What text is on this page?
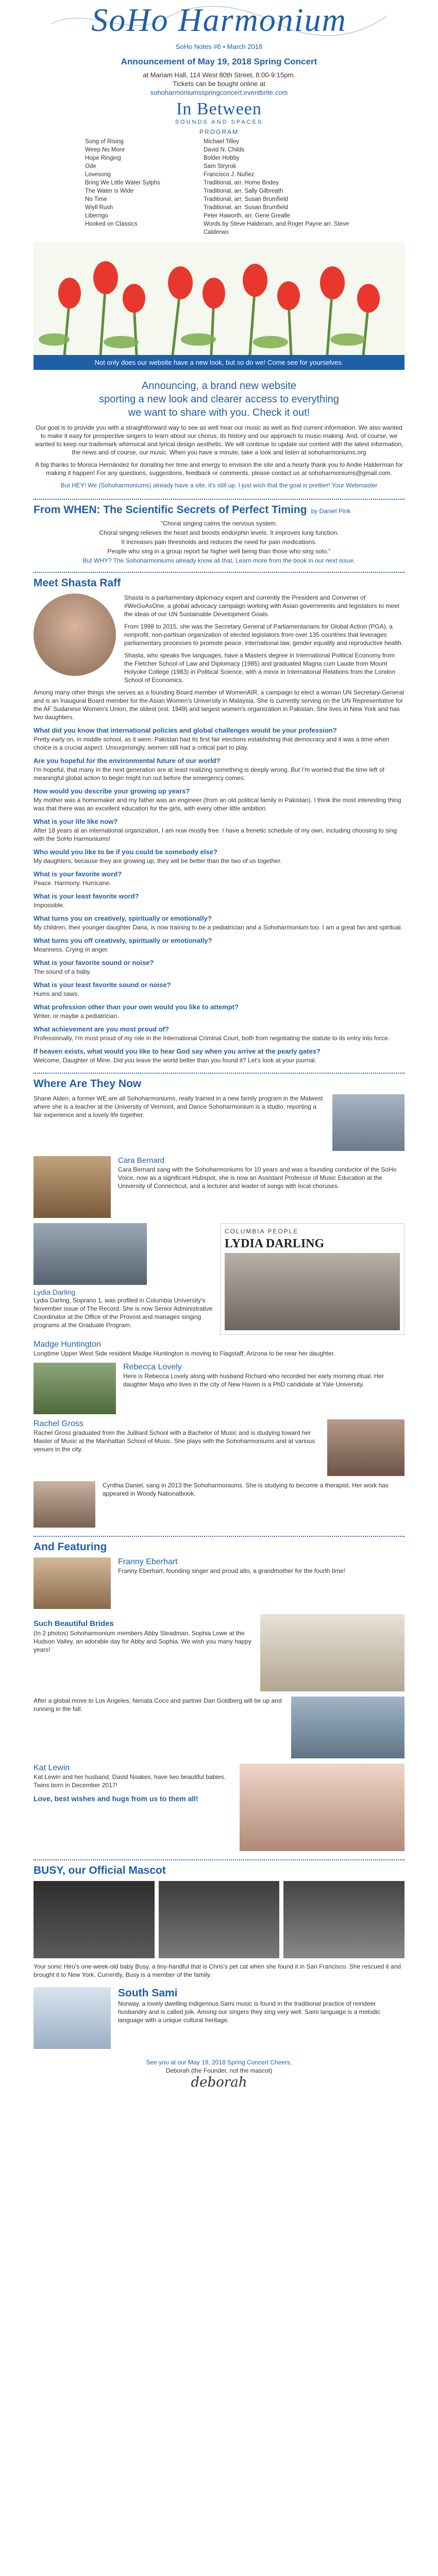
SoHo Harmonium

SoHo Notes #6 • March 2018

Announcement of May 19, 2018 Spring Concert

at Mariam Hall, 114 West 80th Street, 8:00-9:15pm.

Tickets can be bought online at

sohoharmoniumsspringconcert.eventbrite.com

In Between
SOUNDS AND SPACES
PROGRAM
Song of Rising
Weep No More
Hope Ringing
Ode
Lovesong
Bring We Little Water Sylphs
The Water is Wide
No Time
Wiyll Rush
Liberrigo
Hooked on Classics
Michael Tilley
David N. Childs
Bolder Hobby
Sam Stryrok
Francisco J. Nuñez
Traditional, arr. Home Bodey
Traditional, arr. Sally Gilbreath
Traditional, arr. Susan Brumfield
Traditional, arr. Susan Brumfield
Peter Haworth, arr. Gene Grealle
Words by Steve Halderam, and Roger Payne arr. Steve Calderwo
Not only does our website have a new look, but so do we! Come see for yourselves.
Announcing, a brand new website
sporting a new look and clearer access to everything
we want to share with you. Check it out!

Our goal is to provide you with a straightforward way to see as well hear our music as well as find current information. We also wanted to make it easy for prospective singers to learn about our chorus, its history and our approach to music-making. And, of course, we wanted to keep our trademark whimsical and lyrical design aesthetic. We will continue to update our content with the latest information, the news and of course, our music. When you have a minute, take a look and listen at sohoharmoniums.org

A big thanks to Monica Hernández for donating her time and energy to envision the site and a hearty thank you to Andie Halderman for making it happen! For any questions, suggestions, feedback or comments, please contact us at sohoharmoniums@gmail.com.

But HEY! We (Sohoharmoniums) already have a site, it's still up. I just wish that the goal is prettier! Your Webmaster

From WHEN: The Scientific Secrets of Perfect Timing by Daniel Pink

"Choral singing calms the nervous system.

Choral singing relieves the heart and boosts endorphin levels. It improves lung function.

It increases pain thresholds and reduces the need for pain medications.

People who sing in a group report far higher well being than those who sing solo."

But WHY? The Sohoharmoniums already know all that. Learn more from the book in our next issue.

Meet Shasta Raff

Shasta is a parliamentary diplomacy expert and currently the President and Convener of #WeGoAsOne, a global advocacy campaign working with Asian governments and legislators to meet the ideas of our UN Sustainable Development Goals.

From 1998 to 2015, she was the Secretary General of Parliamentarians for Global Action (PGA), a nonprofit, non-partisan organization of elected legislators from over 135 countries that leverages parliamentary processes to promote peace, international law, gender equality and reproductive health.

Shasta, who speaks five languages, have a Masters degree in International Political Economy from the Fletcher School of Law and Diplomacy (1985) and graduated Magna cum Laude from Mount Holyoke College (1983) in Political Science, with a minor in International Relations from the London School of Economics.

Among many other things she serves as a founding Board member of WomenAIR, a campaign to elect a woman UN Secretary-General and is an Inaugural Board member for the Asian Women's University in Malaysia. She is currently serving on the UN Representative for the AF Sudanese Women's Union, the oldest (est. 1949) and largest women's organization in Pakistan. She lives in New York and has two daughters.

What did you know that international policies and global challenges would be your profession?

Pretty early on, in middle school, as it were. Pakistan had its first fair elections establishing that democracy and it was a time when choice is a crucial aspect. Unsurprisingly, women still had a critical part to play.

Are you hopeful for the environmental future of our world?

I'm hopeful, that many in the next generation are at least realizing something is deeply wrong. But I'm worried that the time left of meaningful global action to begin might run out before the emergency comes.

How would you describe your growing up years?

My mother was a homemaker and my father was an engineer (from an old political family in Pakistan). I think the most interesting thing was that there was an excellent education for the girls, with every other little ambition.

What is your life like now?

After 18 years at an international organization, I am now mostly free. I have a frenetic schedule of my own, including choosing to sing with the SoHo Harmoniums!

Who would you like to be if you could be somebody else?

My daughters, because they are growing up, they will be better than the two of us together.

What is your favorite word?

Peace. Harmony. Hurricane.

What is your least favorite word?

Impossible.

What turns you on creatively, spiritually or emotionally?

My children, their younger daughter Dana, is now training to be a pediatrician and a Sohoharmonium too. I am a great fan and spiritual.

What turns you off creatively, spiritually or emotionally?

Meanness. Crying in anger.

What is your favorite sound or noise?

The sound of a baby.

What is your least favorite sound or noise?

Hums and saws.

What profession other than your own would you like to attempt?

Writer, or maybe a pediatrician.

What achievement are you most proud of?

Professionally, I'm most proud of my role in the International Criminal Court, both from negotiating the statute to its entry into force.

If heaven exists, what would you like to hear God say when you arrive at the pearly gates?

Welcome, Daughter of Mine. Did you leave the world better than you found it? Let's look at your journal.

Where Are They Now

Shane Alden, a former WE are all Sohoharmoniums, really trained in a new family program in the Midwest where she is a teacher at the University of Vermont, and Dance Sohoharmonium is a studio, reporting a fair experience and a lovely life together.

Cara Bernard

Cara Bernard sang with the Sohoharmoniums for 10 years and was a founding conductor of the SoHo Voice, now as a significant Hubspot, she is now an Assistant Professor of Music Education at the University of Connecticut, and a lecturer and leader of songs with local choruses.

Lydia Darling

Lydia Darling, Soprano 1, was profiled in Columbia University's November issue of The Record. She is now Senior Administrative Coordinator at the Office of the Provost and manages singing programs at the Graduate Program.

COLUMBIA PEOPLE
LYDIA DARLING
Madge Huntington

Longtime Upper West Side resident Madge Huntington is moving to Flagstaff, Arizona to be near her daughter.

Rebecca Lovely

Here is Rebecca Lovely along with husband Richard who recorded her early morning ritual. Her daughter Maya who lives in the city of New Haven is a PhD candidate at Yale University.

Rachel Gross

Rachel Gross graduated from the Juilliard School with a Bachelor of Music and is studying toward her Master of Music at the Manhattan School of Music. She plays with the Sohoharmoniums and at various venues in the city.

Cynthia Daniel, sang in 2013 the Sohoharmoniums. She is studying to become a therapist. Her work has appeared in Woody Nationalbook.

And Featuring
Franny Eberhart

Franny Eberhart, founding singer and proud alto, a grandmother for the fourth time!

Such Beautiful Brides

(In 2 photos) Sohoharmonium members Abby Steadman, Sophia Lowe at the Hudson Valley, an adorable day for Abby and Sophia. We wish you many happy years!

After a global move to Los Angeles, Nenata Coco and partner Dan Goldberg will be up and running in the fall.

Kat Lewin

Kat Lewin and her husband, David Noakes, have two beautiful babies. Twins born in December 2017!

Love, best wishes and hugs from us to them all!
BUSY, our Official Mascot

Your sonic Hiro's one-week-old baby Busy, a tiny-handful that is Chris's pet cat when she found it in San Francisco. She rescued it and brought it to New York. Currently, Busy is a member of the family.

South Sami

Norway, a lovely dwelling indigenous Sami music is found in the traditional practice of reindeer husbandry and is called joik. Among our singers they sing very well. Sami language is a melodic language with a unique cultural heritage.

See you at our May 19, 2018 Spring Concert Cheers,

Deborah (the Founder, not the mascot)

deborah
